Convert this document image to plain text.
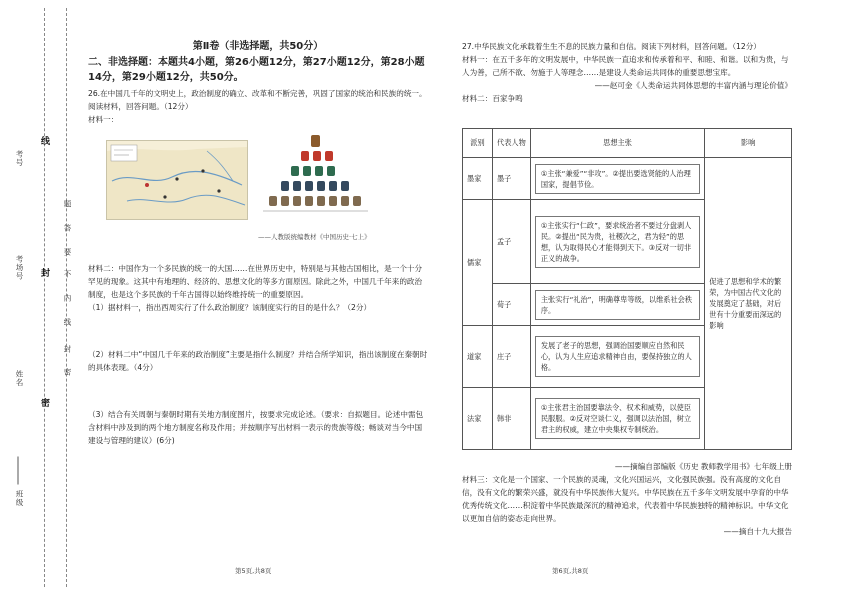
班级
姓名
考场号
考号
密
封
线
密
封
线
内
不
要
答
题
第Ⅱ卷（非选择题，共50分）
二、非选择题：本题共4小题，第26小题12分，第27小题12分，第28小题14分，第29小题12分，共50分。

26.在中国几千年的文明史上，政治制度的确立、改革和不断完善，巩固了国家的统治和民族的统一。阅读材料，回答问题。（12分）

材料一：

——人教版统编教材《中国历史·七上》

材料二：中国作为一个多民族的统一的大国……在世界历史中，特别是与其他古国相比，是一个十分罕见的现象。这其中有地理的、经济的、思想文化的等多方面原因。除此之外，中国几千年来的政治制度，也是这个多民族的千年古国得以始终维持统一的重要原因。

（1）据材料一，指出西周实行了什么政治制度？该制度实行的目的是什么？（2分）

（2）材料二中“中国几千年来的政治制度”主要是指什么制度？并结合所学知识，指出该制度在秦朝时的具体表现。（4分）

（3）结合有关周朝与秦朝时期有关地方制度图片，按要求完成论述。（要求：自拟题目。论述中需包含材料中涉及到的两个地方制度名称及作用；并按顺序写出材料一表示的贵族等级；畅谈对当今中国建设与管理的建议）(6分)

第5页,共8页

27.中华民族文化承载着生生不息的民族力量和自信。阅读下列材料，回答问题。（12分）

材料一：在五千多年的文明发展中，中华民族一直追求和传承着和平、和睦、和谐。以和为贵，与人为善，己所不欲、勿施于人等理念……是建设人类命运共同体的重要思想宝库。

——赵可金《人类命运共同体思想的丰富内涵与理论价值》

材料二：百家争鸣

派别	代表人物	思想主张	影响
墨家	墨子	①主张“兼爱”“非攻”。②提出要选贤能的人治理国家，提倡节俭。	促进了思想和学术的繁荣，为中国古代文化的发展奠定了基础，对后世有十分重要而深远的影响
儒家	孟子	①主张实行“仁政”，要求统治者不要过分盘剥人民。②提出“民为贵，社稷次之，君为轻”的思想，认为取得民心才能得到天下。③反对一切非正义的战争。	

	荀子	主张实行“礼治”，明确尊卑等级，以维系社会秩序。	

道家	庄子	发展了老子的思想，强调治国要顺应自然和民心，认为人生应追求精神自由，要保持独立的人格。	

法家	韩非	①主张君主治国要靠法令、权术和威势，以使臣民服服。②反对空谈仁义，强调以法治国，树立君主的权威，建立中央集权专制统治。	

——摘编自部编版《历史 教师教学用书》七年级上册

材料三：文化是一个国家、一个民族的灵魂，文化兴国运兴，文化强民族强。没有高度的文化自信，没有文化的繁荣兴盛，就没有中华民族伟大复兴。中华民族在五千多年文明发展中孕育的中华优秀传统文化……积淀着中华民族最深沉的精神追求，代表着中华民族独特的精神标识。中华文化以更加自信的姿态走向世界。

——摘自十九大报告

第6页,共8页
